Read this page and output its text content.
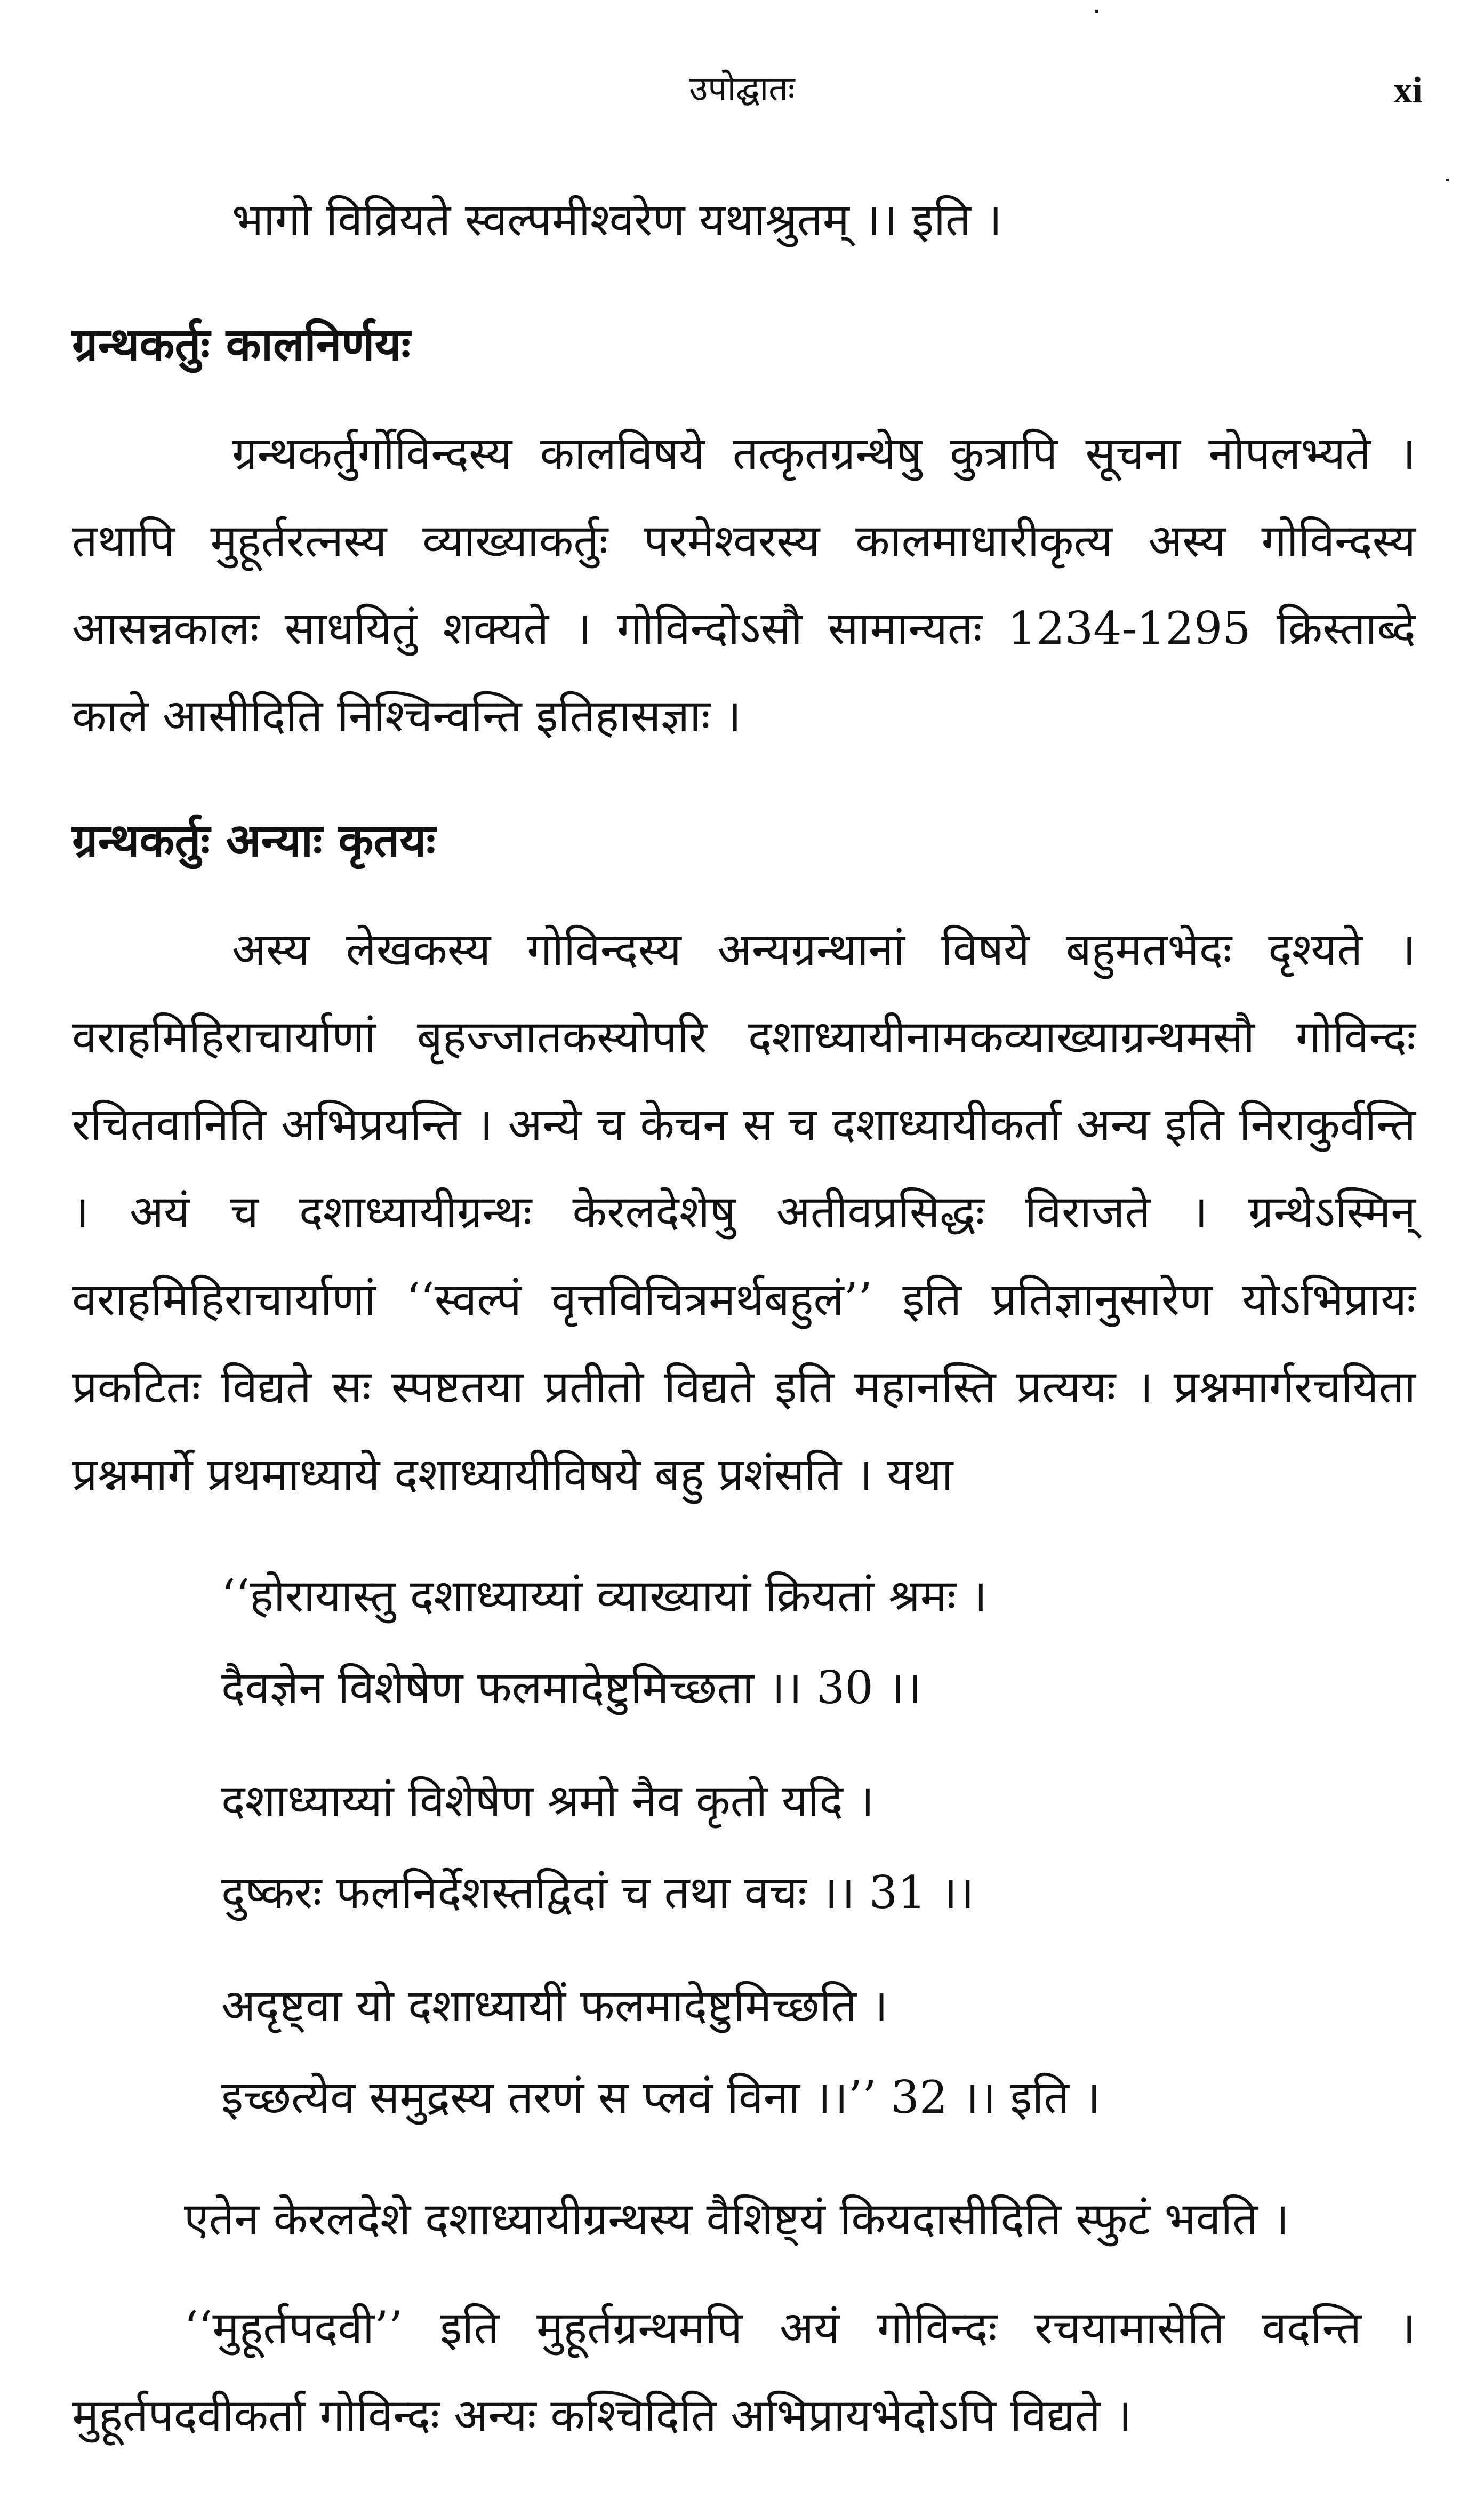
उपोद्घातः	xi

भागो विव्रियते स्वल्पमीश्वरेण यथाश्रुतम् ।। इति ।

ग्रन्थकर्तुः कालनिर्णयः

ग्रन्थकर्तुर्गोविन्दस्य कालविषये तत्कृतग्रन्थेषु कुत्रापि सूचना नोपलभ्यते । तथापि मुहूर्तरत्नस्य व्याख्याकर्तुः परमेश्वरस्य कालमाधारीकृत्य अस्य गोविन्दस्य आसन्नकालः साधयितुं शक्यते । गोविन्दोऽसौ सामान्यतः 1234-1295 क्रिस्ताब्दे काले आसीदिति निश्चिन्वन्ति इतिहासज्ञाः ।

ग्रन्थकर्तुः अन्याः कृतयः

अस्य लेखकस्य गोविन्दस्य अन्यग्रन्थानां विषये बहुमतभेदः दृश्यते । वराहमिहिराचार्याणां बृहज्जातकस्योपरि दशाध्यायीनामकव्याख्याग्रन्थमसौ गोविन्दः रचितवानिति अभिप्रयन्ति । अन्ये च केचन स च दशाध्यायीकर्ता अन्य इति निराकुर्वन्ति । अयं च दशाध्यायीग्रन्थः केरलदेशेषु अतीवप्रसिद्धः विराजते । ग्रन्थेऽस्मिन् वराहमिहिराचार्याणां ‘‘स्वल्पं वृत्तविचित्रमर्थबहुलं’’ इति प्रतिज्ञानुसारेण योऽभिप्रायः प्रकटितः विद्यते सः स्पष्टतया प्रतीतो विद्यते इति महानस्ति प्रत्ययः । प्रश्नमार्गरचयिता प्रश्नमार्गे प्रथमाध्याये दशाध्यायीविषये बहु प्रशंसति । यथा

‘‘होरायास्तु दशाध्याय्यां व्याख्यायां क्रियतां श्रमः ।

दैवज्ञेन विशेषेण फलमादेष्टुमिच्छता ।। 30 ।।

दशाध्याय्यां विशेषेण श्रमो नैव कृतो यदि ।

दुष्करः फलनिर्देशस्तद्विदां च तथा वचः ।। 31 ।।

अदृष्ट्वा यो दशाध्यायीं फलमादेष्टुमिच्छति ।

इच्छत्येव समुद्रस्य तरणं स प्लवं विना ।।’’ 32 ।। इति ।

एतेन केरलदेशे दशाध्यायीग्रन्थस्य वैशिष्ट्यं कियदासीदिति स्फुटं भवति ।

‘‘मुहूर्तपदवी’’ इति मुहूर्तग्रन्थमपि अयं गोविन्दः रचयामासेति वदन्ति । मुहूर्तपदवीकर्ता गोविन्दः अन्यः कश्चिदिति अभिप्रायभेदोऽपि विद्यते ।
